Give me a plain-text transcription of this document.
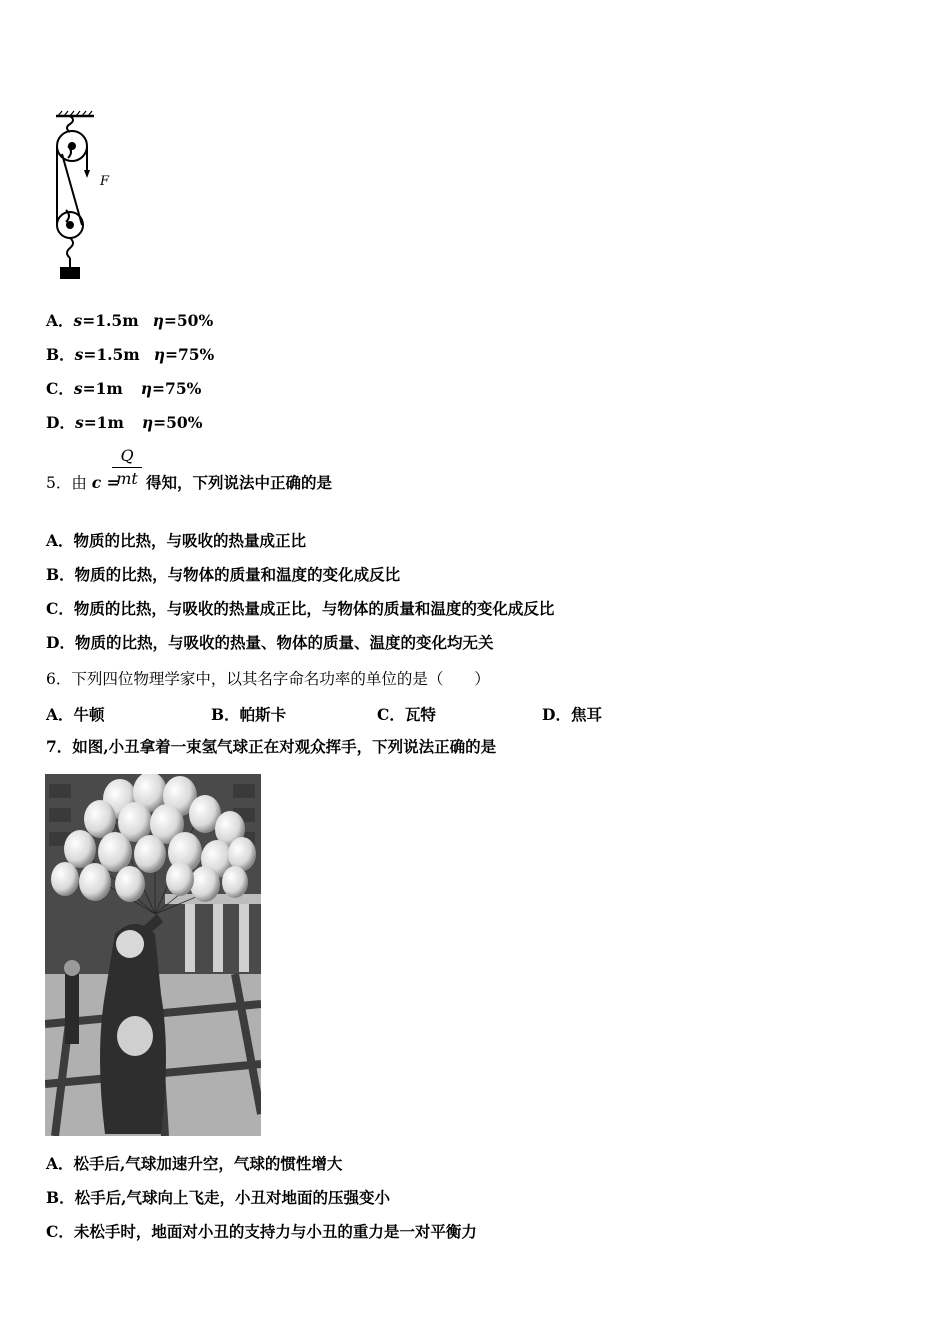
F
A．s=1.5m η=50%
B．s=1.5m η=75%
C．s=1m η=75%
D．s=1m η=50%
5．由 c =
Q
mt 得知，下列说法中正确的是
A．物质的比热，与吸收的热量成正比
B．物质的比热，与物体的质量和温度的变化成反比
C．物质的比热，与吸收的热量成正比，与物体的质量和温度的变化成反比
D．物质的比热，与吸收的热量、物体的质量、温度的变化均无关
6．下列四位物理学家中，以其名字命名功率的单位的是（　　）
A．牛顿	B．帕斯卡	C．瓦特	D．焦耳
7．如图,小丑拿着一束氢气球正在对观众挥手，下列说法正确的是
A．松手后,气球加速升空，气球的惯性增大
B．松手后,气球向上飞走，小丑对地面的压强变小
C．未松手时，地面对小丑的支持力与小丑的重力是一对平衡力
